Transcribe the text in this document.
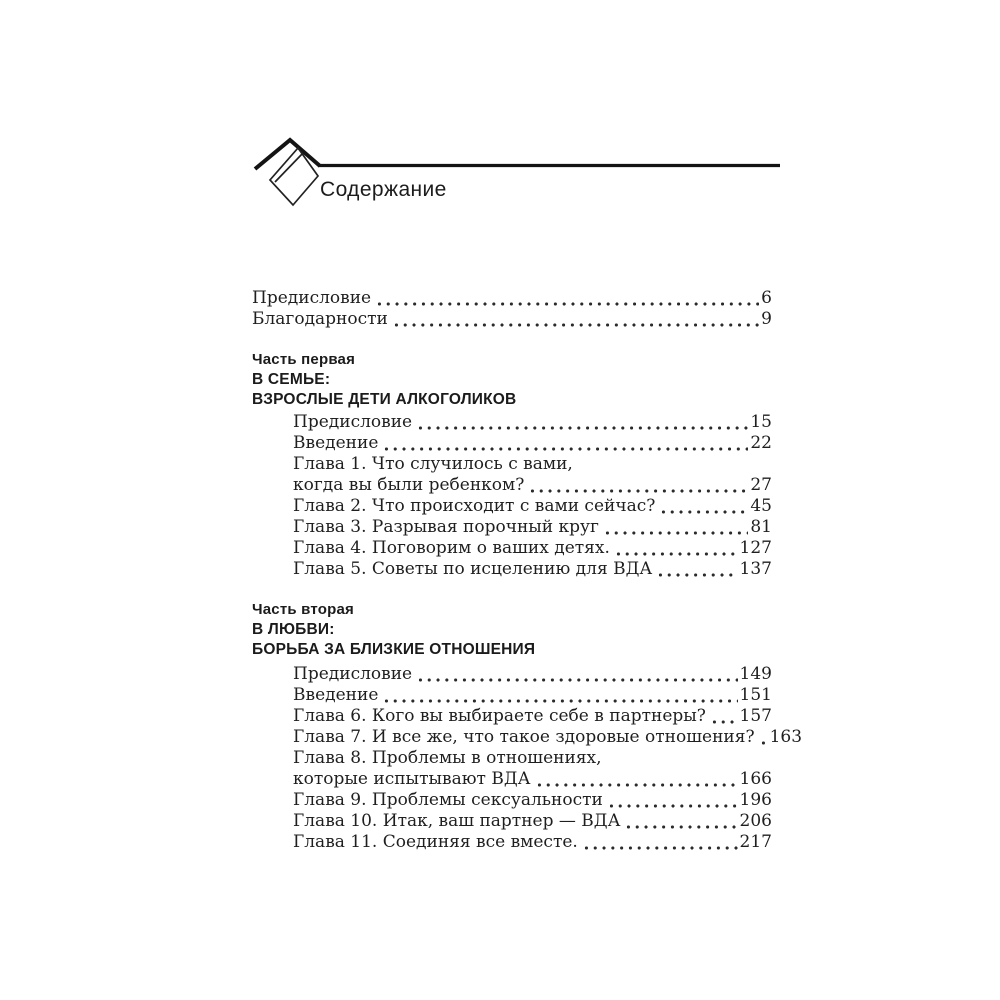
Содержание
Предисловие	6
Благодарности	9
Часть первая
В СЕМЬЕ:
ВЗРОСЛЫЕ ДЕТИ АЛКОГОЛИКОВ
Предисловие	15
Введение	22
Глава 1. Что случилось с вами,
когда вы были ребенком?	27
Глава 2. Что происходит с вами сейчас?	45
Глава 3. Разрывая порочный круг	81
Глава 4. Поговорим о ваших детях.	127
Глава 5. Советы по исцелению для ВДА	137
Часть вторая
В ЛЮБВИ:
БОРЬБА ЗА БЛИЗКИЕ ОТНОШЕНИЯ
Предисловие	149
Введение	151
Глава 6. Кого вы выбираете себе в партнеры? 157
Глава 7. И все же, что такое здоровые отношения? 163
Глава 8. Проблемы в отношениях,
которые испытывают ВДА	166
Глава 9. Проблемы сексуальности	196
Глава 10. Итак, ваш партнер — ВДА	206
Глава 11. Соединяя все вместе.	217
